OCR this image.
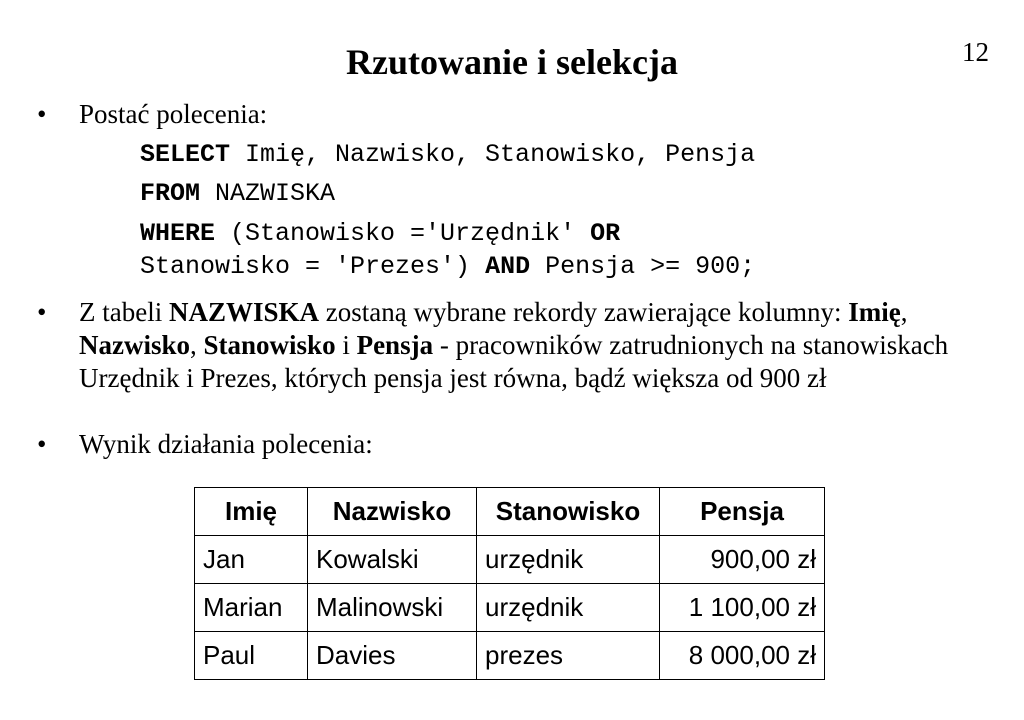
Rzutowanie i selekcja	12
• Postać polecenia:
SELECT Imię, Nazwisko, Stanowisko, Pensja
FROM NAZWISKA
WHERE (Stanowisko ='Urzędnik' OR
Stanowisko = 'Prezes') AND Pensja >= 900;
• Z tabeli NAZWISKA zostaną wybrane rekordy zawierające kolumny: Imię, Nazwisko, Stanowisko i Pensja - pracowników zatrudnionych na stanowiskach Urzędnik i Prezes, których pensja jest równa, bądź większa od 900 zł
• Wynik działania polecenia:
Imię	Nazwisko	Stanowisko	Pensja
Jan	Kowalski	urzędnik	900,00 zł
Marian	Malinowski	urzędnik	1 100,00 zł
Paul	Davies	prezes	8 000,00 zł
